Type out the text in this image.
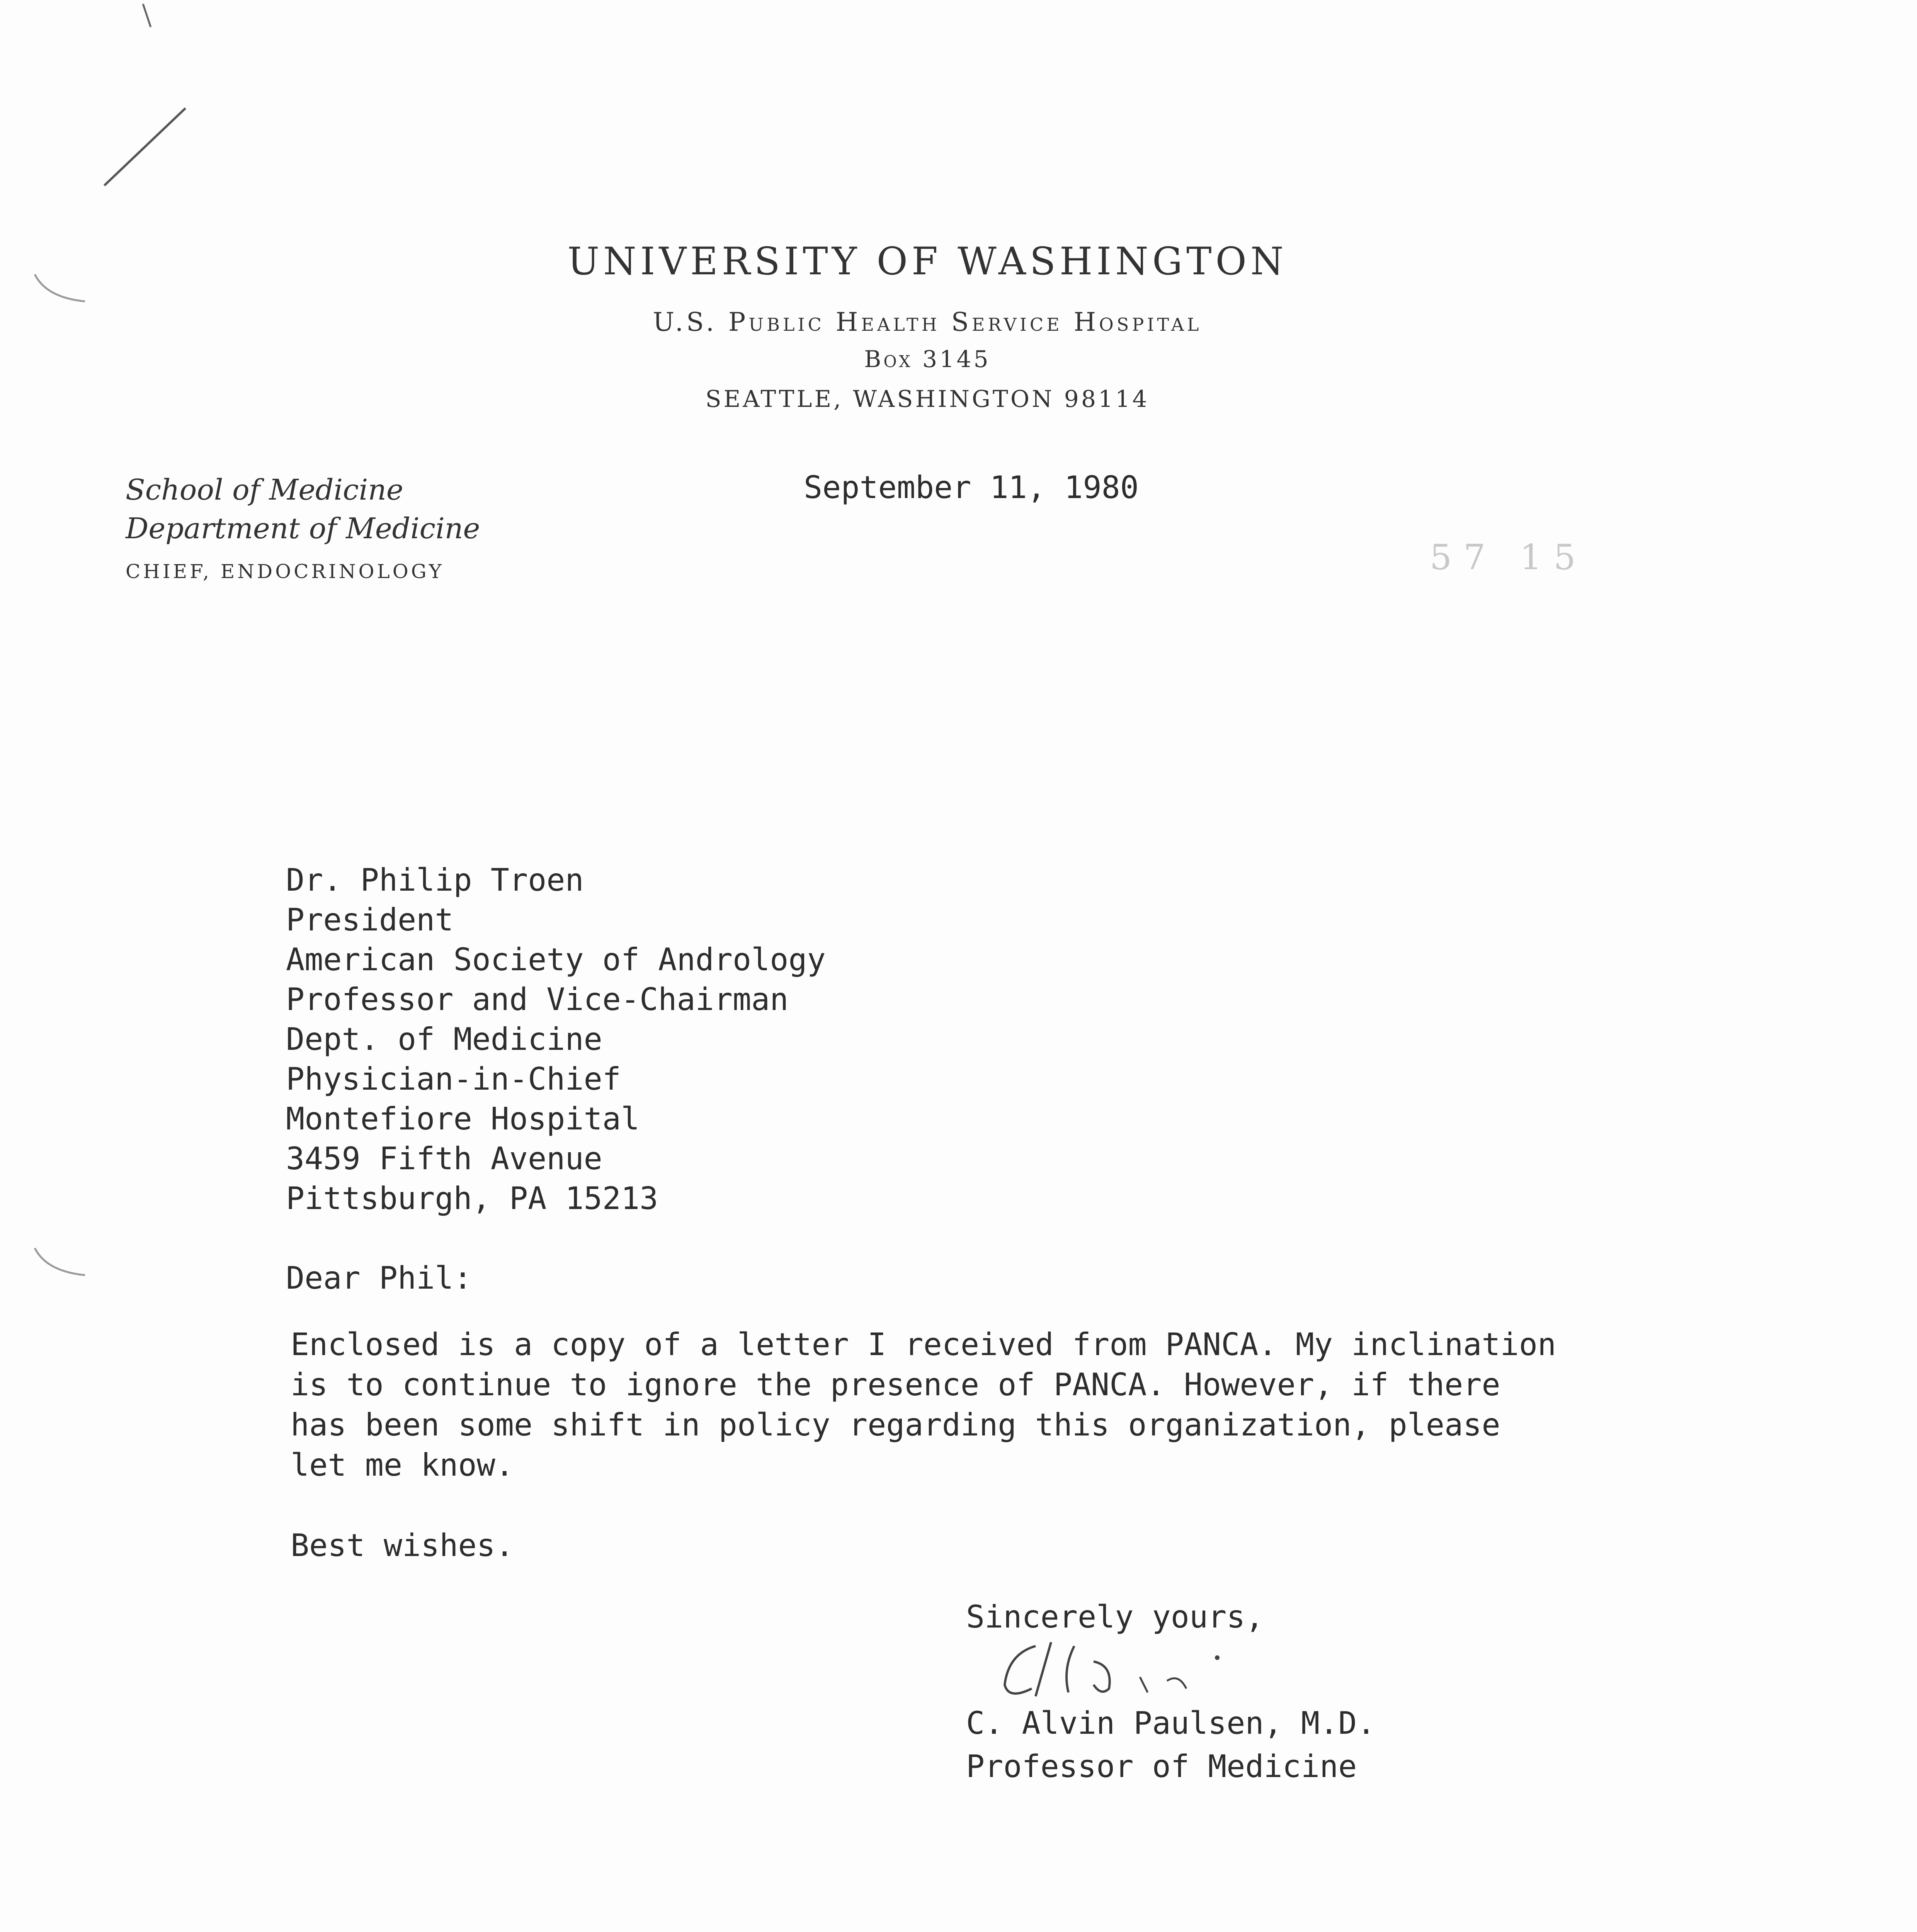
UNIVERSITY OF WASHINGTON
U.S. Public Health Service Hospital
Box 3145
SEATTLE, WASHINGTON 98114
School of Medicine
Department of Medicine
CHIEF, ENDOCRINOLOGY
September 11, 1980
57 15
Dr. Philip Troen
President
American Society of Andrology
Professor and Vice-Chairman
Dept. of Medicine
Physician-in-Chief
Montefiore Hospital
3459 Fifth Avenue
Pittsburgh, PA 15213
Dear Phil:
Enclosed is a copy of a letter I received from PANCA. My inclination
is to continue to ignore the presence of PANCA. However, if there
has been some shift in policy regarding this organization, please
let me know.
Best wishes.
Sincerely yours,
C. Alvin Paulsen, M.D.
Professor of Medicine
